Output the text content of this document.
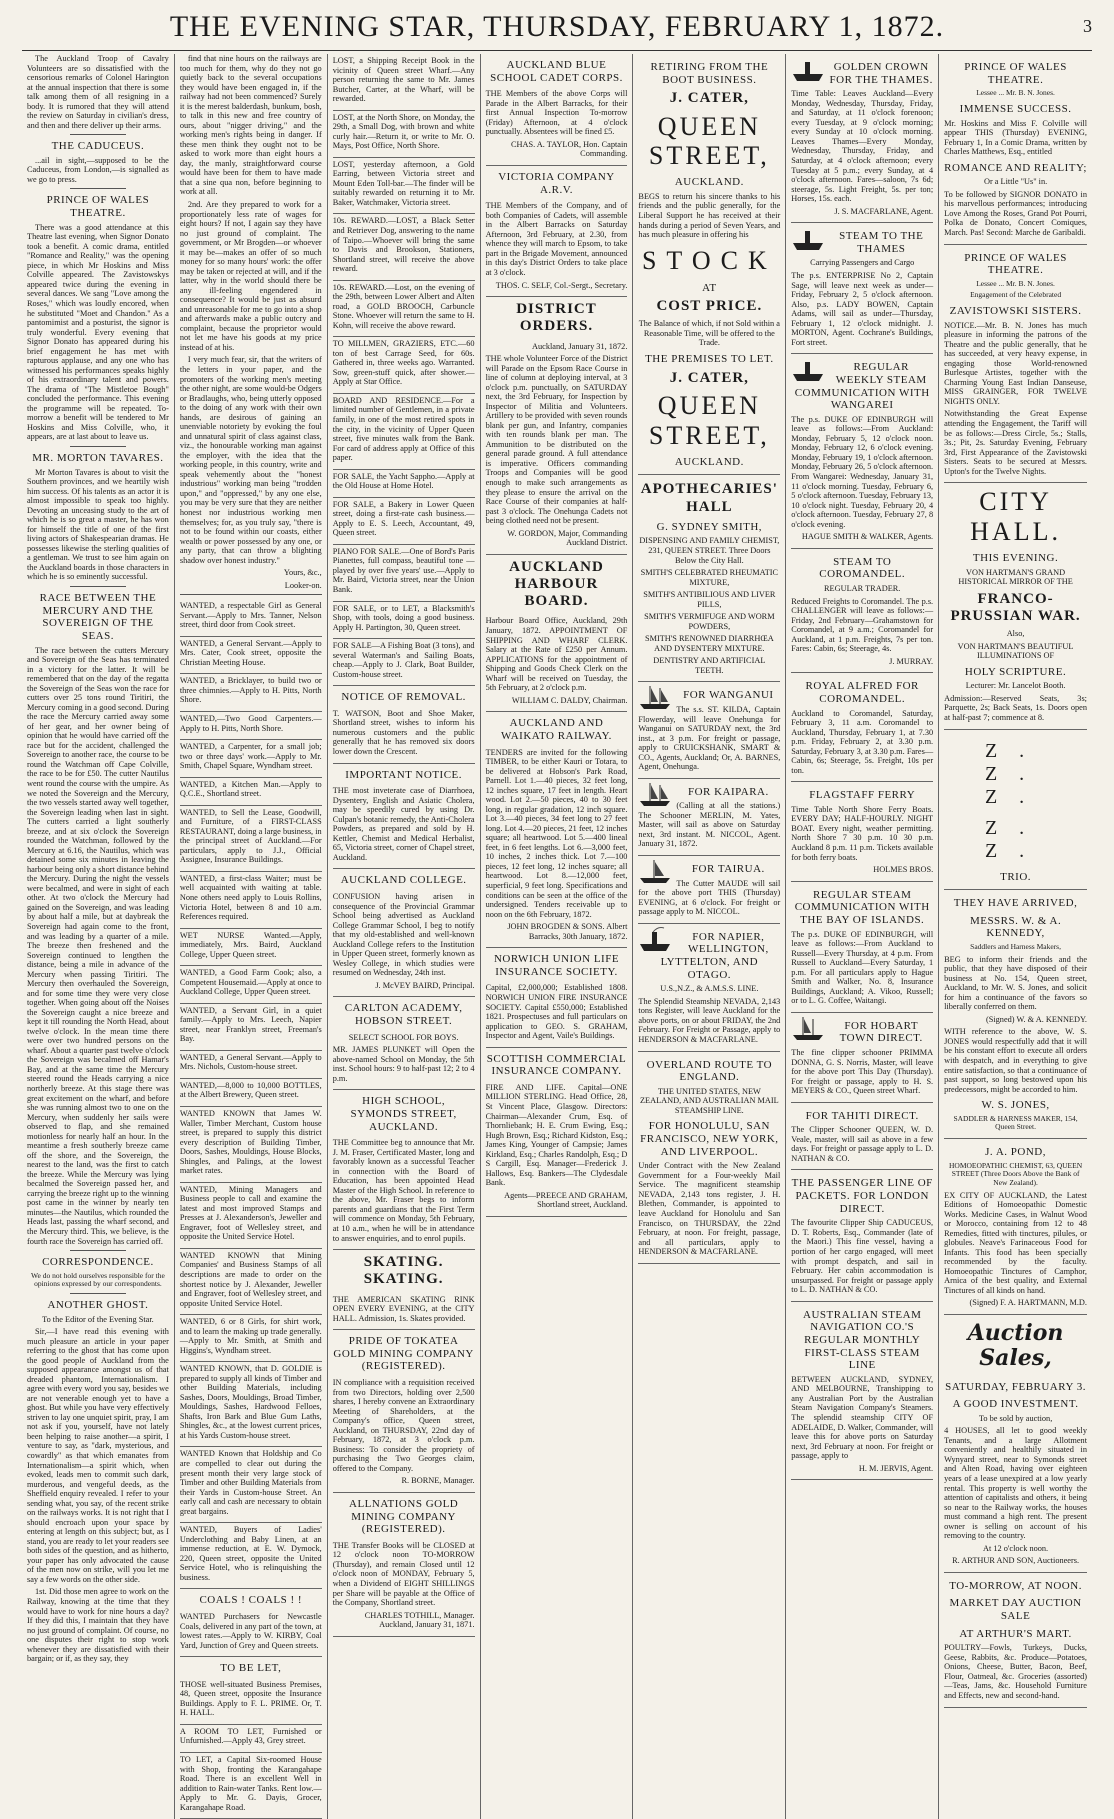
THE EVENING STAR, THURSDAY, FEBRUARY 1, 1872.	3

The Auckland Troop of Cavalry Volunteers are so dissatisfied with the censorious remarks of Colonel Harington at the annual inspection that there is some talk among them of all resigning in a body. It is rumored that they will attend the review on Saturday in civilian's dress, and then and there deliver up their arms.

THE CADUCEUS.

...ail in sight,—supposed to be the Caduceus, from London,—is signalled as we go to press.

PRINCE OF WALES THEATRE.

There was a good attendance at this Theatre last evening, when Signor Donato took a benefit. A comic drama, entitled "Romance and Reality," was the opening piece, in which Mr Hoskins and Miss Colville appeared. The Zavistowskys appeared twice during the evening in several dances. We sang "Love among the Roses," which was loudly encored, when he substituted "Moet and Chandon." As a pantomimist and a posturist, the signor is truly wonderful. Every evening that Signor Donato has appeared during his brief engagement he has met with rapturous applause, and any one who has witnessed his performances speaks highly of his extraordinary talent and powers. The drama of "The Mistletoe Bough" concluded the performance. This evening the programme will be repeated. To-morrow a benefit will be tendered to Mr Hoskins and Miss Colville, who, it appears, are at last about to leave us.

MR. MORTON TAVARES.

Mr Morton Tavares is about to visit the Southern provinces, and we heartily wish him success. Of his talents as an actor it is almost impossible to speak too highly. Devoting an unceasing study to the art of which he is so great a master, he has won for himself the title of one of the first living actors of Shakespearian dramas. He possesses likewise the sterling qualities of a gentleman. We trust to see him again on the Auckland boards in those characters in which he is so eminently successful.

RACE BETWEEN THE MERCURY AND THE SOVEREIGN OF THE SEAS.

The race between the cutters Mercury and Sovereign of the Seas has terminated in a victory for the latter. It will be remembered that on the day of the regatta the Sovereign of the Seas won the race for cutters over 25 tons round Tiritiri, the Mercury coming in a good second. During the race the Mercury carried away some of her gear, and her owner being of opinion that he would have carried off the race but for the accident, challenged the Sovereign to another race, the course to be round the Watchman off Cape Colville, the race to be for £50. The cutter Nautilus went round the course with the umpire. As we noted the Sovereign and the Mercury, the two vessels started away well together, the Sovereign leading when last in sight. The cutters carried a light southerly breeze, and at six o'clock the Sovereign rounded the Watchman, followed by the Mercury at 6.16, the Nautilus, which was detained some six minutes in leaving the harbour being only a short distance behind the Mercury. During the night the vessels were becalmed, and were in sight of each other. At two o'clock the Mercury had gained on the Sovereign, and was leading by about half a mile, but at daybreak the Sovereign had again come to the front, and was leading by a quarter of a mile. The breeze then freshened and the Sovereign continued to lengthen the distance, being a mile in advance of the Mercury when passing Tiritiri. The Mercury then overhauled the Sovereign, and for some time they were very close together. When going about off the Noises the Sovereign caught a nice breeze and kept it till rounding the North Head, about twelve o'clock. In the mean time there were over two hundred persons on the wharf. About a quarter past twelve o'clock the Sovereign was becalmed off Hamar's Bay, and at the same time the Mercury steered round the Heads carrying a nice northerly breeze. At this stage there was great excitement on the wharf, and before she was running almost two to one on the Mercury, when suddenly her sails were observed to flap, and she remained motionless for nearly half an hour. In the meantime a fresh southerly breeze came off the shore, and the Sovereign, the nearest to the land, was the first to catch the breeze. While the Mercury was lying becalmed the Sovereign passed her, and carrying the breeze right up to the winning post came in the winner by nearly ten minutes—the Nautilus, which rounded the Heads last, passing the wharf second, and the Mercury third. This, we believe, is the fourth race the Sovereign has carried off.

CORRESPONDENCE.

We do not hold ourselves responsible for the opinions expressed by our correspondents.

ANOTHER GHOST.

To the Editor of the Evening Star.

Sir,—I have read this evening with much pleasure an article in your paper referring to the ghost that has come upon the good people of Auckland from the supposed appearance amongst us of that dreaded phantom, Internationalism. I agree with every word you say, besides we are not venerable enough yet to have a ghost. But while you have very effectively striven to lay one unquiet spirit, pray, I am not ask if you, yourself, have not lately been helping to raise another—a spirit, I venture to say, as "dark, mysterious, and cowardly" as that which emanates from Internationalism—a spirit which, when evoked, leads men to commit such dark, murderous, and vengeful deeds, as the Sheffield enquiry revealed. I refer to your sending what, you say, of the recent strike on the railways works. It is not right that I should encroach upon your space by entering at length on this subject; but, as I stand, you are ready to let your readers see both sides of the question, and as hitherto, your paper has only advocated the cause of the men now on strike, will you let me say a few words on the other side.

1st. Did those men agree to work on the Railway, knowing at the time that they would have to work for nine hours a day? If they did this, I maintain that they have no just ground of complaint. Of course, no one disputes their right to stop work whenever they are dissatisfied with their bargain; or if, as they say, they

find that nine hours on the railways are too much for them, why do they not go quietly back to the several occupations they would have been engaged in, if the railway had not been commenced? Surely it is the merest balderdash, bunkum, bosh, to talk in this new and free country of ours, about "nigger driving," and the working men's rights being in danger. If these men think they ought not to be asked to work more than eight hours a day, the manly, straightforward course would have been for them to have made that a sine qua non, before beginning to work at all.

2nd. Are they prepared to work for a proportionately less rate of wages for eight hours? If not, I again say they have no just ground of complaint. The government, or Mr Brogden—or whoever it may be—makes an offer of so much money for so many hours' work: the offer may be taken or rejected at will, and if the latter, why in the world should there be any ill-feeling engendered in consequence? It would be just as absurd and unreasonable for me to go into a shop and afterwards make a public outcry and complaint, because the proprietor would not let me have his goods at my price instead of at his.

I very much fear, sir, that the writers of the letters in your paper, and the promoters of the working men's meeting the other night, are some would-be Odgers or Bradlaughs, who, being utterly opposed to the doing of any work with their own hands, are desirous of gaining an unenviable notoriety by evoking the foul and unnatural spirit of class against class, viz., the honourable working man against the employer, with the idea that the working people, in this country, write and speak vehemently about the "honest industrious" working man being "trodden upon," and "oppressed," by any one else, you may be very sure that they are neither honest nor industrious working men themselves; for, as you truly say, "there is not to be found within our coasts, either wealth or power possessed by any one, or any party, that can throw a blighting shadow over honest industry."

Yours, &c.,

Looker-on.

WANTED, a respectable Girl as General Servant.—Apply to Mrs. Tanner, Nelson street, third door from Cook street.

WANTED, a General Servant.—Apply to Mrs. Cater, Cook street, opposite the Christian Meeting House.

WANTED, a Bricklayer, to build two or three chimnies.—Apply to H. Pitts, North Shore.

WANTED,—Two Good Carpenters.—Apply to H. Pitts, North Shore.

WANTED, a Carpenter, for a small job; two or three days' work.—Apply to Mr. Smith, Chapel Square, Wyndham street.

WANTED, a Kitchen Man.—Apply to Q.C.E., Shortland street.

WANTED, to Sell the Lease, Goodwill, and Furniture, of a FIRST-CLASS RESTAURANT, doing a large business, in the principal street of Auckland.—For particulars, apply to J.J., Official Assignee, Insurance Buildings.

WANTED, a first-class Waiter; must be well acquainted with waiting at table. None others need apply to Louis Rollins, Victoria Hotel, between 8 and 10 a.m. References required.

WET NURSE Wanted.—Apply, immediately, Mrs. Baird, Auckland College, Upper Queen street.

WANTED, a Good Farm Cook; also, a Competent Housemaid.—Apply at once to Auckland College, Upper Queen street.

WANTED, a Servant Girl, in a quiet family.—Apply to Mrs. Leech, Napier street, near Franklyn street, Freeman's Bay.

WANTED, a General Servant.—Apply to Mrs. Nichols, Custom-house street.

WANTED,—8,000 to 10,000 BOTTLES, at the Albert Brewery, Queen street.

WANTED KNOWN that James W. Waller, Timber Merchant, Custom house street, is prepared to supply this district every description of Building Timber, Doors, Sashes, Mouldings, House Blocks, Shingles, and Palings, at the lowest market rates.

WANTED, Mining Managers and Business people to call and examine the latest and most improved Stamps and Presses at J. Alexanderson's, Jeweller and Engraver, foot of Wellesley street, and opposite the United Service Hotel.

WANTED KNOWN that Mining Companies' and Business Stamps of all descriptions are made to order on the shortest notice by J. Alexander, Jeweller and Engraver, foot of Wellesley street, and opposite United Service Hotel.

WANTED, 6 or 8 Girls, for shirt work, and to learn the making up trade generally.—Apply to Mr. Smith, at Smith and Higgins's, Wyndham street.

WANTED KNOWN, that D. GOLDIE is prepared to supply all kinds of Timber and other Building Materials, including Sashes, Doors, Mouldings, Broad Timber, Mouldings, Sashes, Hardwood Felloes, Shafts, Iron Bark and Blue Gum Laths, Shingles, &c., at the lowest current prices, at his Yards Custom-house street.

WANTED Known that Holdship and Co are compelled to clear out during the present month their very large stock of Timber and other Building Materials from their Yards in Custom-house Street. An early call and cash are necessary to obtain great bargains.

WANTED, Buyers of Ladies' Underclothing and Baby Linen, at an immense reduction, at E. W. Dymock, 220, Queen street, opposite the United Service Hotel, who is relinquishing the business.

COALS ! COALS ! !

WANTED Purchasers for Newcastle Coals, delivered in any part of the town, at lowest rates.—Apply to W. KIRBY, Coal Yard, Junction of Grey and Queen streets.

TO BE LET,

THOSE well-situated Business Premises, 48, Queen street, opposite the Insurance Buildings. Apply to F. L. PRIME. Or, T. H. HALL.

A ROOM TO LET, Furnished or Unfurnished.—Apply 43, Grey street.

TO LET, a Capital Six-roomed House with Shop, fronting the Karangahape Road. There is an excellent Well in addition to Rain-water Tanks. Rent low.—Apply to Mr. G. Dayis, Grocer, Karangahape Road.

LOST, a Shipping Receipt Book in the vicinity of Queen street Wharf.—Any person returning the same to Mr. James Butcher, Carter, at the Wharf, will be rewarded.

LOST, at the North Shore, on Monday, the 29th, a Small Dog, with brown and white curly hair.—Return it, or write to Mr. O. Mays, Post Office, North Shore.

LOST, yesterday afternoon, a Gold Earring, between Victoria street and Mount Eden Toll-bar.—The finder will be suitably rewarded on returning it to Mr. Baker, Watchmaker, Victoria street.

10s. REWARD.—LOST, a Black Setter and Retriever Dog, answering to the name of Taipo.—Whoever will bring the same to Davis and Brookson, Stationers, Shortland street, will receive the above reward.

10s. REWARD.—Lost, on the evening of the 29th, between Lower Albert and Alten road, a GOLD BROOCH, Carbuncle Stone. Whoever will return the same to H. Kohn, will receive the above reward.

TO MILLMEN, GRAZIERS, ETC.—60 ton of best Carrage Seed, for 60s. Gathered in, three weeks ago. Warranted. Sow, green-stuff quick, after shower.—Apply at Star Office.

BOARD AND RESIDENCE.—For a limited number of Gentlemen, in a private family, in one of the most retired spots in the city, in the vicinity of Upper Queen street, five minutes walk from the Bank. For card of address apply at Office of this paper.

FOR SALE, the Yacht Sappho.—Apply at the Old House at Home Hotel.

FOR SALE, a Bakery in Lower Queen street, doing a first-rate cash business.—Apply to E. S. Leech, Accountant, 49, Queen street.

PIANO FOR SALE.—One of Bord's Paris Pianettes, full compass, beautiful tone — played by over five years' use.—Apply to Mr. Baird, Victoria street, near the Union Bank.

FOR SALE, or to LET, a Blacksmith's Shop, with tools, doing a good business. Apply H. Partington, 30, Queen street.

FOR SALE—A Fishing Boat (3 tons), and several Waterman's and Sailing Boats, cheap.—Apply to J. Clark, Boat Builder, Custom-house street.

NOTICE OF REMOVAL.

T. WATSON, Boot and Shoe Maker, Shortland street, wishes to inform his numerous customers and the public generally that he has removed six doors lower down the Crescent.

IMPORTANT NOTICE.

THE most inveterate case of Diarrhoea, Dysentery, English and Asiatic Cholera, may be speedily cured by using Dr. Culpan's botanic remedy, the Anti-Cholera Powders, as prepared and sold by H. Kettler, Chemist and Medical Herbalist, 65, Victoria street, corner of Chapel street, Auckland.

AUCKLAND COLLEGE.

CONFUSION having arisen in consequence of the Provincial Grammar School being advertised as Auckland College Grammar School, I beg to notify that my old-established and well-known Auckland College refers to the Institution in Upper Queen street, formerly known as Wesley College, in which studies were resumed on Wednesday, 24th inst.

J. McVEY BAIRD, Principal.

CARLTON ACADEMY, HOBSON STREET.

SELECT SCHOOL FOR BOYS.

MR. JAMES PLUNKET will Open the above-named School on Monday, the 5th inst. School hours: 9 to half-past 12; 2 to 4 p.m.

HIGH SCHOOL, SYMONDS STREET, AUCKLAND.

THE Committee beg to announce that Mr. J. M. Fraser, Certificated Master, long and favorably known as a successful Teacher in connection with the Board of Education, has been appointed Head Master of the High School. In reference to the above, Mr. Fraser begs to inform parents and guardians that the First Term will commence on Monday, 5th February, at 10 a.m., when he will be in attendance to answer enquiries, and to enrol pupils.

SKATING. SKATING.

THE AMERICAN SKATING RINK OPEN EVERY EVENING, at the CITY HALL. Admission, 1s. Skates provided.

PRIDE OF TOKATEA GOLD MINING COMPANY (REGISTERED).

IN compliance with a requisition received from two Directors, holding over 2,500 shares, I hereby convene an Extraordinary Meeting of Shareholders, at the Company's office, Queen street, Auckland, on THURSDAY, 22nd day of February, 1872, at 3 o'clock p.m. Business: To consider the propriety of purchasing the Two Georges claim, offered to the Company.

R. BORNE, Manager.

ALLNATIONS GOLD MINING COMPANY (REGISTERED).

THE Transfer Books will be CLOSED at 12 o'clock noon TO-MORROW (Thursday), and remain Closed until 12 o'clock noon of MONDAY, February 5, when a Dividend of EIGHT SHILLINGS per Share will be payable at the Office of the Company, Shortland street.

CHARLES TOTHILL, Manager. Auckland, January 31, 1871.

AUCKLAND BLUE SCHOOL CADET CORPS.

THE Members of the above Corps will Parade in the Albert Barracks, for their first Annual Inspection To-morrow (Friday) Afternoon, at 4 o'clock punctually. Absentees will be fined £5.

CHAS. A. TAYLOR, Hon. Captain Commanding.

VICTORIA COMPANY A.R.V.

THE Members of the Company, and of both Companies of Cadets, will assemble in the Albert Barracks on Saturday Afternoon, 3rd February, at 2.30, from whence they will march to Epsom, to take part in the Brigade Movement, announced in this day's District Orders to take place at 3 o'clock.

THOS. C. SELF, Col.-Sergt., Secretary.

DISTRICT ORDERS.

Auckland, January 31, 1872.

THE whole Volunteer Force of the District will Parade on the Epsom Race Course in line of column at deploying interval, at 3 o'clock p.m. punctually, on SATURDAY next, the 3rd February, for Inspection by Inspector of Militia and Volunteers. Artillery to be provided with seven rounds blank per gun, and Infantry, companies with ten rounds blank per man. The Ammunition to be distributed on the general parade ground. A full attendance is imperative. Officers commanding Troops and Companies will be good enough to make such arrangements as they please to ensure the arrival on the Race Course of their companies at half-past 3 o'clock. The Onehunga Cadets not being clothed need not be present.

W. GORDON, Major, Commanding Auckland District.

AUCKLAND HARBOUR BOARD.

Harbour Board Office, Auckland, 29th January, 1872. APPOINTMENT OF SHIPPING AND WHARF CLERK. Salary at the Rate of £250 per Annum. APPLICATIONS for the appointment of Shipping and Goods Check Clerk on the Wharf will be received on Tuesday, the 5th February, at 2 o'clock p.m.

WILLIAM C. DALDY, Chairman.

AUCKLAND AND WAIKATO RAILWAY.

TENDERS are invited for the following TIMBER, to be either Kauri or Totara, to be delivered at Hobson's Park Road, Parnell. Lot 1.—40 pieces, 32 feet long, 12 inches square, 17 feet in length. Heart wood. Lot 2.—50 pieces, 40 to 30 feet long, in regular gradation, 12 inch square. Lot 3.—40 pieces, 34 feet long to 27 feet long. Lot 4.—20 pieces, 21 feet, 12 inches square; all heartwood. Lot 5.—400 lineal feet, in 6 feet lengths. Lot 6.—3,000 feet, 10 inches, 2 inches thick. Lot 7.—100 pieces, 12 feet long, 12 inches square; all heartwood. Lot 8.—12,000 feet, superficial, 9 feet long. Specifications and conditions can be seen at the office of the undersigned. Tenders receivable up to noon on the 6th February, 1872.

JOHN BROGDEN & SONS. Albert Barracks, 30th January, 1872.

NORWICH UNION LIFE INSURANCE SOCIETY.

Capital, £2,000,000; Established 1808. NORWICH UNION FIRE INSURANCE SOCIETY. Capital £550,000; Established 1821. Prospectuses and full particulars on application to GEO. S. GRAHAM, Inspector and Agent, Vaile's Buildings.

SCOTTISH COMMERCIAL INSURANCE COMPANY.

FIRE AND LIFE. Capital—ONE MILLION STERLING. Head Office, 28, St Vincent Place, Glasgow. Directors: Chairman—Alexander Crum, Esq. of Thornliebank; H. E. Crum Ewing, Esq.; Hugh Brown, Esq.; Richard Kidston, Esq.; James King, Younger of Campsie; James Kirkland, Esq.; Charles Randolph, Esq.; D S Cargill, Esq. Manager—Frederick J. Hallows, Esq. Bankers—The Clydesdale Bank.

Agents—PREECE AND GRAHAM, Shortland street, Auckland.

RETIRING FROM THE BOOT BUSINESS.
J. CATER,
QUEEN STREET,
AUCKLAND.

BEGS to return his sincere thanks to his friends and the public generally, for the Liberal Support he has received at their hands during a period of Seven Years, and has much pleasure in offering his

STOCK
AT
COST PRICE.

The Balance of which, if not Sold within a Reasonable Time, will be offered to the Trade.

THE PREMISES TO LET.
J. CATER,
QUEEN STREET,
AUCKLAND.
APOTHECARIES' HALL
G. SYDNEY SMITH,

DISPENSING AND FAMILY CHEMIST, 231, QUEEN STREET. Three Doors Below the City Hall.

SMITH'S CELEBRATED RHEUMATIC MIXTURE,

SMITH'S ANTIBILIOUS AND LIVER PILLS,

SMITH'S VERMIFUGE AND WORM POWDERS,

SMITH'S RENOWNED DIARRHŒA AND DYSENTERY MIXTURE.

DENTISTRY AND ARTIFICIAL TEETH.

FOR WANGANUI

The s.s. ST. KILDA, Captain Flowerday, will leave Onehunga for Wanganui on SATURDAY next, the 3rd inst., at 3 p.m. For freight or passage, apply to CRUICKSHANK, SMART & CO., Agents, Auckland; Or, A. BARNES, Agent, Onehunga.

FOR KAIPARA.

(Calling at all the stations.) The Schooner MERLIN, M. Yates, Master, will sail as above on Saturday next, 3rd instant. M. NICCOL, Agent. January 31, 1872.

FOR TAIRUA.

The Cutter MAUDE will sail for the above port THIS (Thursday) EVENING, at 6 o'clock. For freight or passage apply to M. NICCOL.

FOR NAPIER, WELLINGTON, LYTTELTON, AND OTAGO.

U.S.,N.Z., & A.M.S.S. LINE.

The Splendid Steamship NEVADA, 2,143 tons Register, will leave Auckland for the above ports, on or about FRIDAY, the 2nd February. For Freight or Passage, apply to HENDERSON & MACFARLANE.

OVERLAND ROUTE TO ENGLAND.

THE UNITED STATES, NEW ZEALAND, AND AUSTRALIAN MAIL STEAMSHIP LINE.

FOR HONOLULU, SAN FRANCISCO, NEW YORK, AND LIVERPOOL.

Under Contract with the New Zealand Government for a Four-weekly Mail Service. The magnificent steamship NEVADA, 2,143 tons register, J. H. Blethen, Commander, is appointed to leave Auckland for Honolulu and San Francisco, on THURSDAY, the 22nd February, at noon. For freight, passage, and all particulars, apply to HENDERSON & MACFARLANE.

GOLDEN CROWN FOR THE THAMES.

Time Table: Leaves Auckland—Every Monday, Wednesday, Thursday, Friday, and Saturday, at 11 o'clock forenoon; every Tuesday, at 9 o'clock morning; every Sunday at 10 o'clock morning. Leaves Thames—Every Monday, Wednesday, Thursday, Friday, and Saturday, at 4 o'clock afternoon; every Tuesday at 5 p.m.; every Sunday, at 4 o'clock afternoon. Fares—saloon, 7s 6d; steerage, 5s. Light Freight, 5s. per ton; Horses, 15s. each.

J. S. MACFARLANE, Agent.

STEAM TO THE THAMES

Carrying Passengers and Cargo

The p.s. ENTERPRISE No 2, Captain Sage, will leave next week as under—Friday, February 2, 5 o'clock afternoon. Also, p.s. LADY BOWEN, Captain Adams, will sail as under—Thursday, February 1, 12 o'clock midnight. J. MORTON, Agent. Cochrane's Buildings, Fort street.

REGULAR WEEKLY STEAM COMMUNICATION WITH WANGAREI

The p.s. DUKE OF EDINBURGH will leave as follows:—From Auckland: Monday, February 5, 12 o'clock noon. Monday, February 12, 6 o'clock evening. Monday, February 19, 1 o'clock afternoon. Monday, February 26, 5 o'clock afternoon. From Wangarei: Wednesday, January 31, 11 o'clock morning. Tuesday, February 6, 5 o'clock afternoon. Tuesday, February 13, 10 o'clock night. Tuesday, February 20, 4 o'clock afternoon. Tuesday, February 27, 8 o'clock evening.

HAGUE SMITH & WALKER, Agents.

STEAM TO COROMANDEL.

REGULAR TRADER.

Reduced Freights to Coromandel. The p.s. CHALLENGER will leave as follows:—Friday, 2nd February—Grahamstown for Coromandel, at 9 a.m.; Coromandel for Auckland, at 1 p.m. Freights, 7s per ton. Fares: Cabin, 6s; Steerage, 4s.

J. MURRAY.

ROYAL ALFRED FOR COROMANDEL.

Auckland to Coromandel, Saturday, February 3, 11 a.m. Coromandel to Auckland, Thursday, February 1, at 7.30 p.m. Friday, February 2, at 3.30 p.m. Saturday, February 3, at 3.30 p.m. Fares—Cabin, 6s; Steerage, 5s. Freight, 10s per ton.

FLAGSTAFF FERRY

Time Table North Shore Ferry Boats. EVERY DAY; HALF-HOURLY. NIGHT BOAT. Every night, weather permitting. North Shore 7 30 p.m. 10 30 p.m. Auckland 8 p.m. 11 p.m. Tickets available for both ferry boats.

HOLMES BROS.

REGULAR STEAM COMMUNICATION WITH THE BAY OF ISLANDS.

The p.s. DUKE OF EDINBURGH, will leave as follows:—From Auckland to Russell—Every Thursday, at 4 p.m. From Russell to Auckland—Every Saturday, 1 p.m. For all particulars apply to Hague Smith and Walker, No. 8, Insurance Buildings, Auckland; A. Vikoo, Russell; or to L. G. Coffee, Waitangi.

FOR HOBART TOWN DIRECT.

The fine clipper schooner PRIMMA DONNA, G. S. Norris, Master, will leave for the above port This Day (Thursday). For freight or passage, apply to H. S. MEYERS & CO., Queen street Wharf.

FOR TAHITI DIRECT.

The Clipper Schooner QUEEN, W. D. Veale, master, will sail as above in a few days. For freight or passage apply to L. D. NATHAN & CO.

THE PASSENGER LINE OF PACKETS. FOR LONDON DIRECT.

The favourite Clipper Ship CADUCEUS, D. T. Roberts, Esq., Commander (late of the Maori.) This fine vessel, having a portion of her cargo engaged, will meet with prompt despatch, and sail in February. Her cabin accommodation is unsurpassed. For freight or passage apply to L. D. NATHAN & CO.

AUSTRALIAN STEAM NAVIGATION CO.'S REGULAR MONTHLY FIRST-CLASS STEAM LINE

BETWEEN AUCKLAND, SYDNEY, AND MELBOURNE, Transhipping to any Australian Port by the Australian Steam Navigation Company's Steamers. The splendid steamship CITY OF ADELAIDE, D. Walker, Commander, will leave this for above ports on Saturday next, 3rd February at noon. For freight or passage, apply to

H. M. JERVIS, Agent.

PRINCE OF WALES THEATRE.

Lessee ... Mr. B. N. Jones.

IMMENSE SUCCESS.

Mr. Hoskins and Miss F. Colville will appear THIS (Thursday) EVENING, February 1, In a Comic Drama, written by Charles Matthews, Esq., entitled

ROMANCE AND REALITY;

Or a Little "Us" in.

To be followed by SIGNOR DONATO in his marvellous performances; introducing Love Among the Roses, Grand Pot Pourri, Polka de Donato, Concert Comiques, March. Pas! Second: Marche de Garibaldi.

PRINCE OF WALES THEATRE.

Lessee ... Mr. B. N. Jones.

Engagement of the Celebrated

ZAVISTOWSKI SISTERS.

NOTICE.—Mr. B. N. Jones has much pleasure in informing the patrons of the Theatre and the public generally, that he has succeeded, at very heavy expense, in engaging those World-renowned Burlesque Artistes, together with the Charming Young East Indian Danseuse, MISS GRAINGER, FOR TWELVE NIGHTS ONLY.

Notwithstanding the Great Expense attending the Engagement, the Tariff will be as follows:—Dress Circle, 5s.; Stalls, 3s.; Pit, 2s. Saturday Evening, February 3rd, First Appearance of the Zavistowski Sisters. Seats to be secured at Messrs. Upton's for the Twelve Nights.

CITY HALL.
THIS EVENING.

VON HARTMAN'S GRAND HISTORICAL MIRROR OF THE

FRANCO-PRUSSIAN WAR.

Also,

VON HARTMAN'S BEAUTIFUL ILLUMINATIONS OF

HOLY SCRIPTURE.

Lecturer: Mr. Lancelot Booth.

Admission:—Reserved Seats, 3s; Parquette, 2s; Back Seats, 1s. Doors open at half-past 7; commence at 8.

Z. Z. Z.
Z. Z.
TRIO.
THEY HAVE ARRIVED,
MESSRS. W. & A. KENNEDY,

Saddlers and Harness Makers,

BEG to inform their friends and the public, that they have disposed of their business at No. 154, Queen street, Auckland, to Mr. W. S. Jones, and solicit for him a continuance of the favors so liberally conferred on them.

(Signed) W. & A. KENNEDY.

WITH reference to the above, W. S. JONES would respectfully add that it will be his constant effort to execute all orders with despatch, and in everything to give entire satisfaction, so that a continuance of past support, so long bestowed upon his predecessors, might be accorded to him.

W. S. JONES,

SADDLER & HARNESS MAKER, 154, Queen Street.

J. A. POND,

HOMOEOPATHIC CHEMIST, 63, QUEEN STREET (Three Doors Above the Bank of New Zealand).

EX CITY OF AUCKLAND, the Latest Editions of Homoeopathic Domestic Works. Medicine Cases, in Walnut Wood or Morocco, containing from 12 to 48 Remedies, fitted with tinctures, pilules, or globules. Neave's Farinaceous Food for Infants. This food has been specially recommended by the faculty. Homoeopathic Tinctures of Camphor, Arnica of the best quality, and External Tinctures of all kinds on hand.

(Signed) F. A. HARTMANN, M.D.

Auction Sales,
SATURDAY, FEBRUARY 3.
A GOOD INVESTMENT.

To be sold by auction,

4 HOUSES, all let to good weekly Tenants, and a large Allotment conveniently and healthily situated in Wynyard street, near to Symonds street and Alten Road, having over eighteen years of a lease unexpired at a low yearly rental. This property is well worthy the attention of capitalists and others, it being so near to the Railway works, the houses must command a high rent. The present owner is selling on account of his removing to the country.

At 12 o'clock noon.

R. ARTHUR AND SON, Auctioneers.

TO-MORROW, AT NOON.
MARKET DAY AUCTION SALE
AT ARTHUR'S MART.

POULTRY—Fowls, Turkeys, Ducks, Geese, Rabbits, &c. Produce—Potatoes, Onions, Cheese, Butter, Bacon, Beef, Flour, Oatmeal, &c. Groceries (assorted)—Teas, Jams, &c. Household Furniture and Effects, new and second-hand.
